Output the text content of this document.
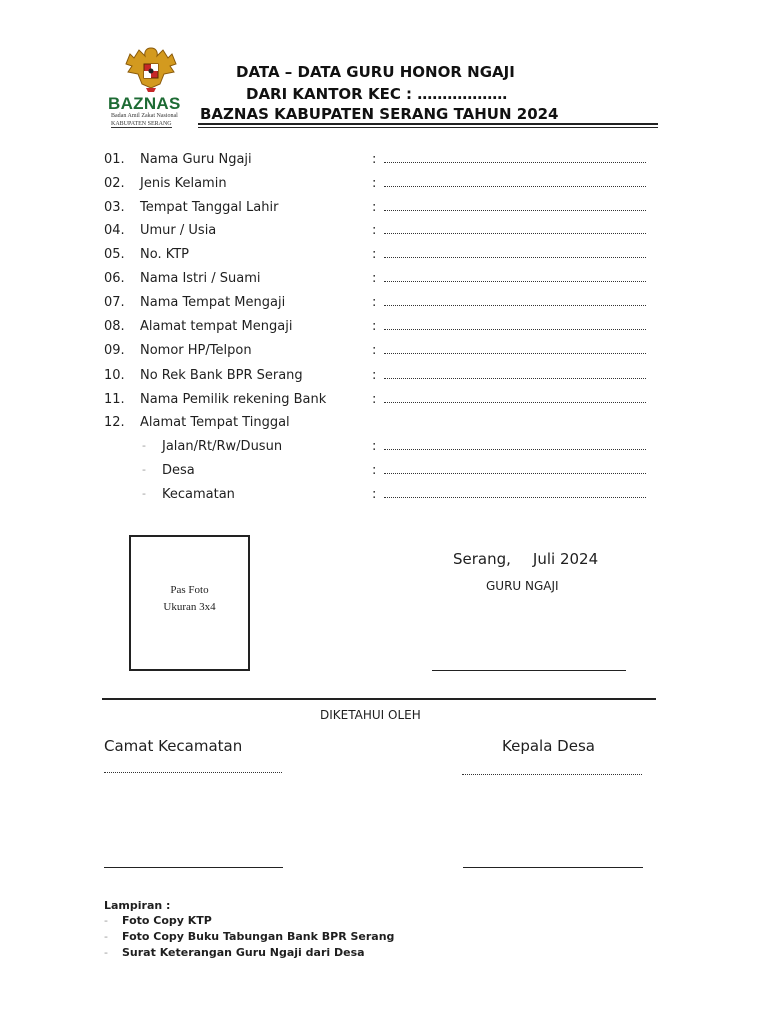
BAZNAS
Badan Amil Zakat Nasional
KABUPATEN SERANG
DATA – DATA GURU HONOR NGAJI
DARI KANTOR KEC : ………………
BAZNAS KABUPATEN SERANG TAHUN 2024
01. Nama Guru Ngaji	:
02. Jenis Kelamin	:
03. Tempat Tanggal Lahir	:
04. Umur / Usia	:
05. No. KTP	:
06. Nama Istri / Suami	:
07. Nama Tempat Mengaji	:
08. Alamat tempat Mengaji	:
09. Nomor HP/Telpon	:
10. No Rek Bank BPR Serang	:
11. Nama Pemilik rekening Bank	:
12. Alamat Tempat Tinggal
- Jalan/Rt/Rw/Dusun	:
- Desa	:
- Kecamatan	:
Pas Foto
Ukuran 3x4
Serang, Juli 2024
GURU NGAJI
DIKETAHUI OLEH
Camat Kecamatan	Kepala Desa
Lampiran :
- Foto Copy KTP
- Foto Copy Buku Tabungan Bank BPR Serang
- Surat Keterangan Guru Ngaji dari Desa
